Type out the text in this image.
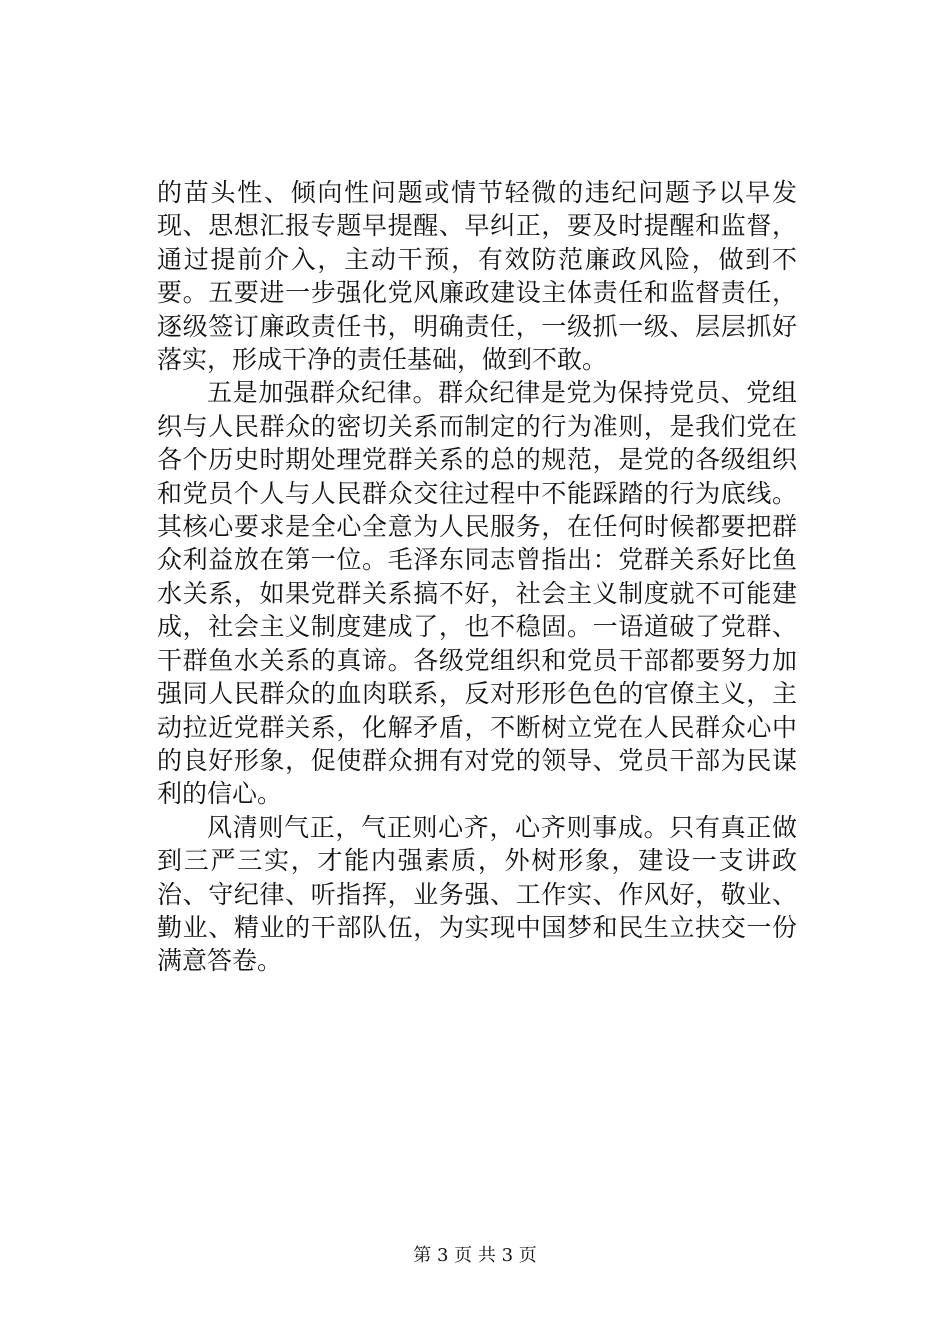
的苗头性、倾向性问题或情节轻微的违纪问题予以早发现、思想汇报专题早提醒、早纠正，要及时提醒和监督，通过提前介入，主动干预，有效防范廉政风险，做到不要。五要进一步强化党风廉政建设主体责任和监督责任，逐级签订廉政责任书，明确责任，一级抓一级、层层抓好落实，形成干净的责任基础，做到不敢。

五是加强群众纪律。群众纪律是党为保持党员、党组织与人民群众的密切关系而制定的行为准则，是我们党在各个历史时期处理党群关系的总的规范，是党的各级组织和党员个人与人民群众交往过程中不能踩踏的行为底线。其核心要求是全心全意为人民服务，在任何时候都要把群众利益放在第一位。毛泽东同志曾指出：党群关系好比鱼水关系，如果党群关系搞不好，社会主义制度就不可能建成，社会主义制度建成了，也不稳固。一语道破了党群、干群鱼水关系的真谛。各级党组织和党员干部都要努力加强同人民群众的血肉联系，反对形形色色的官僚主义，主动拉近党群关系，化解矛盾，不断树立党在人民群众心中的良好形象，促使群众拥有对党的领导、党员干部为民谋利的信心。

风清则气正，气正则心齐，心齐则事成。只有真正做到三严三实，才能内强素质，外树形象，建设一支讲政治、守纪律、听指挥，业务强、工作实、作风好，敬业、勤业、精业的干部队伍，为实现中国梦和民生立扶交一份满意答卷。

第 3 页 共 3 页
